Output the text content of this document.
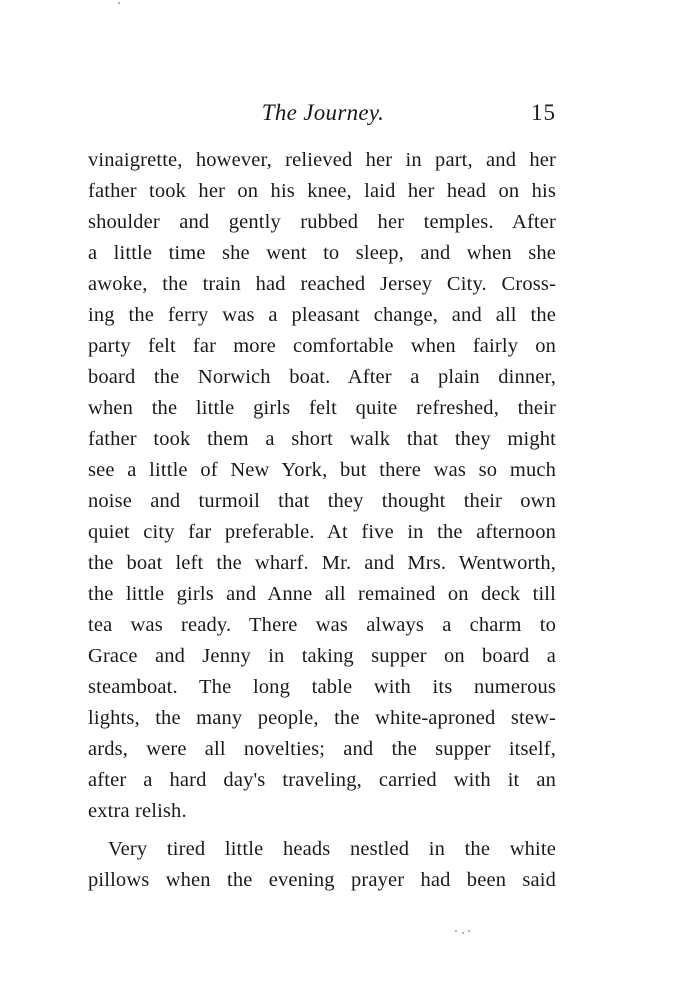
The Journey.	15
vinaigrette, however, relieved her in part, and her
father took her on his knee, laid her head on his
shoulder and gently rubbed her temples. After
a little time she went to sleep, and when she
awoke, the train had reached Jersey City. Cross-
ing the ferry was a pleasant change, and all the
party felt far more comfortable when fairly on
board the Norwich boat. After a plain dinner,
when the little girls felt quite refreshed, their
father took them a short walk that they might
see a little of New York, but there was so much
noise and turmoil that they thought their own
quiet city far preferable. At five in the afternoon
the boat left the wharf. Mr. and Mrs. Wentworth,
the little girls and Anne all remained on deck till
tea was ready. There was always a charm to
Grace and Jenny in taking supper on board a
steamboat. The long table with its numerous
lights, the many people, the white-aproned stew-
ards, were all novelties; and the supper itself,
after a hard day's traveling, carried with it an
extra relish.
Very tired little heads nestled in the white
pillows when the evening prayer had been said
